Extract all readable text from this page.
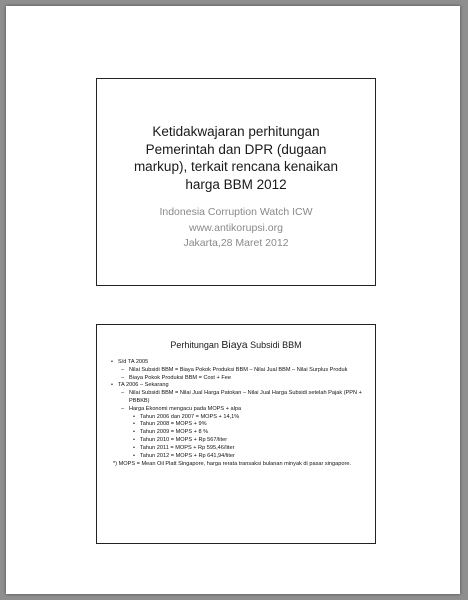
Ketidakwajaran perhitungan
Pemerintah dan DPR (dugaan
markup), terkait rencana kenaikan
harga BBM 2012
Indonesia Corruption Watch ICW
www.antikorupsi.org
Jakarta,28 Maret 2012
Perhitungan Biaya Subsidi BBM
• S/d TA 2005
– Nilai Subsidi BBM = Biaya Pokok Produksi BBM – Nilai Jual BBM – Nilai Surplus Produk
– Biaya Pokok Produksi BBM = Cost + Fee
• TA 2006 – Sekarang
– Nilai Subsidi BBM = Nilai Jual Harga Patokan – Nilai Jual Harga Subsidi setelah Pajak (PPN + PBBKB)
– Harga Ekonomi mengacu pada MOPS + alpa
• Tahun 2006 dan 2007 = MOPS + 14,1%
• Tahun 2008 = MOPS + 9%
• Tahun 2009 = MOPS + 8 %
• Tahun 2010 = MOPS + Rp 567/liter
• Tahun 2011 = MOPS + Rp 595,46/liter
• Tahun 2012 = MOPS + Rp 641,94/liter
*) MOPS = Mean Oil Platt Singapore, harga rerata transaksi bulanan minyak di pasar singapore.
